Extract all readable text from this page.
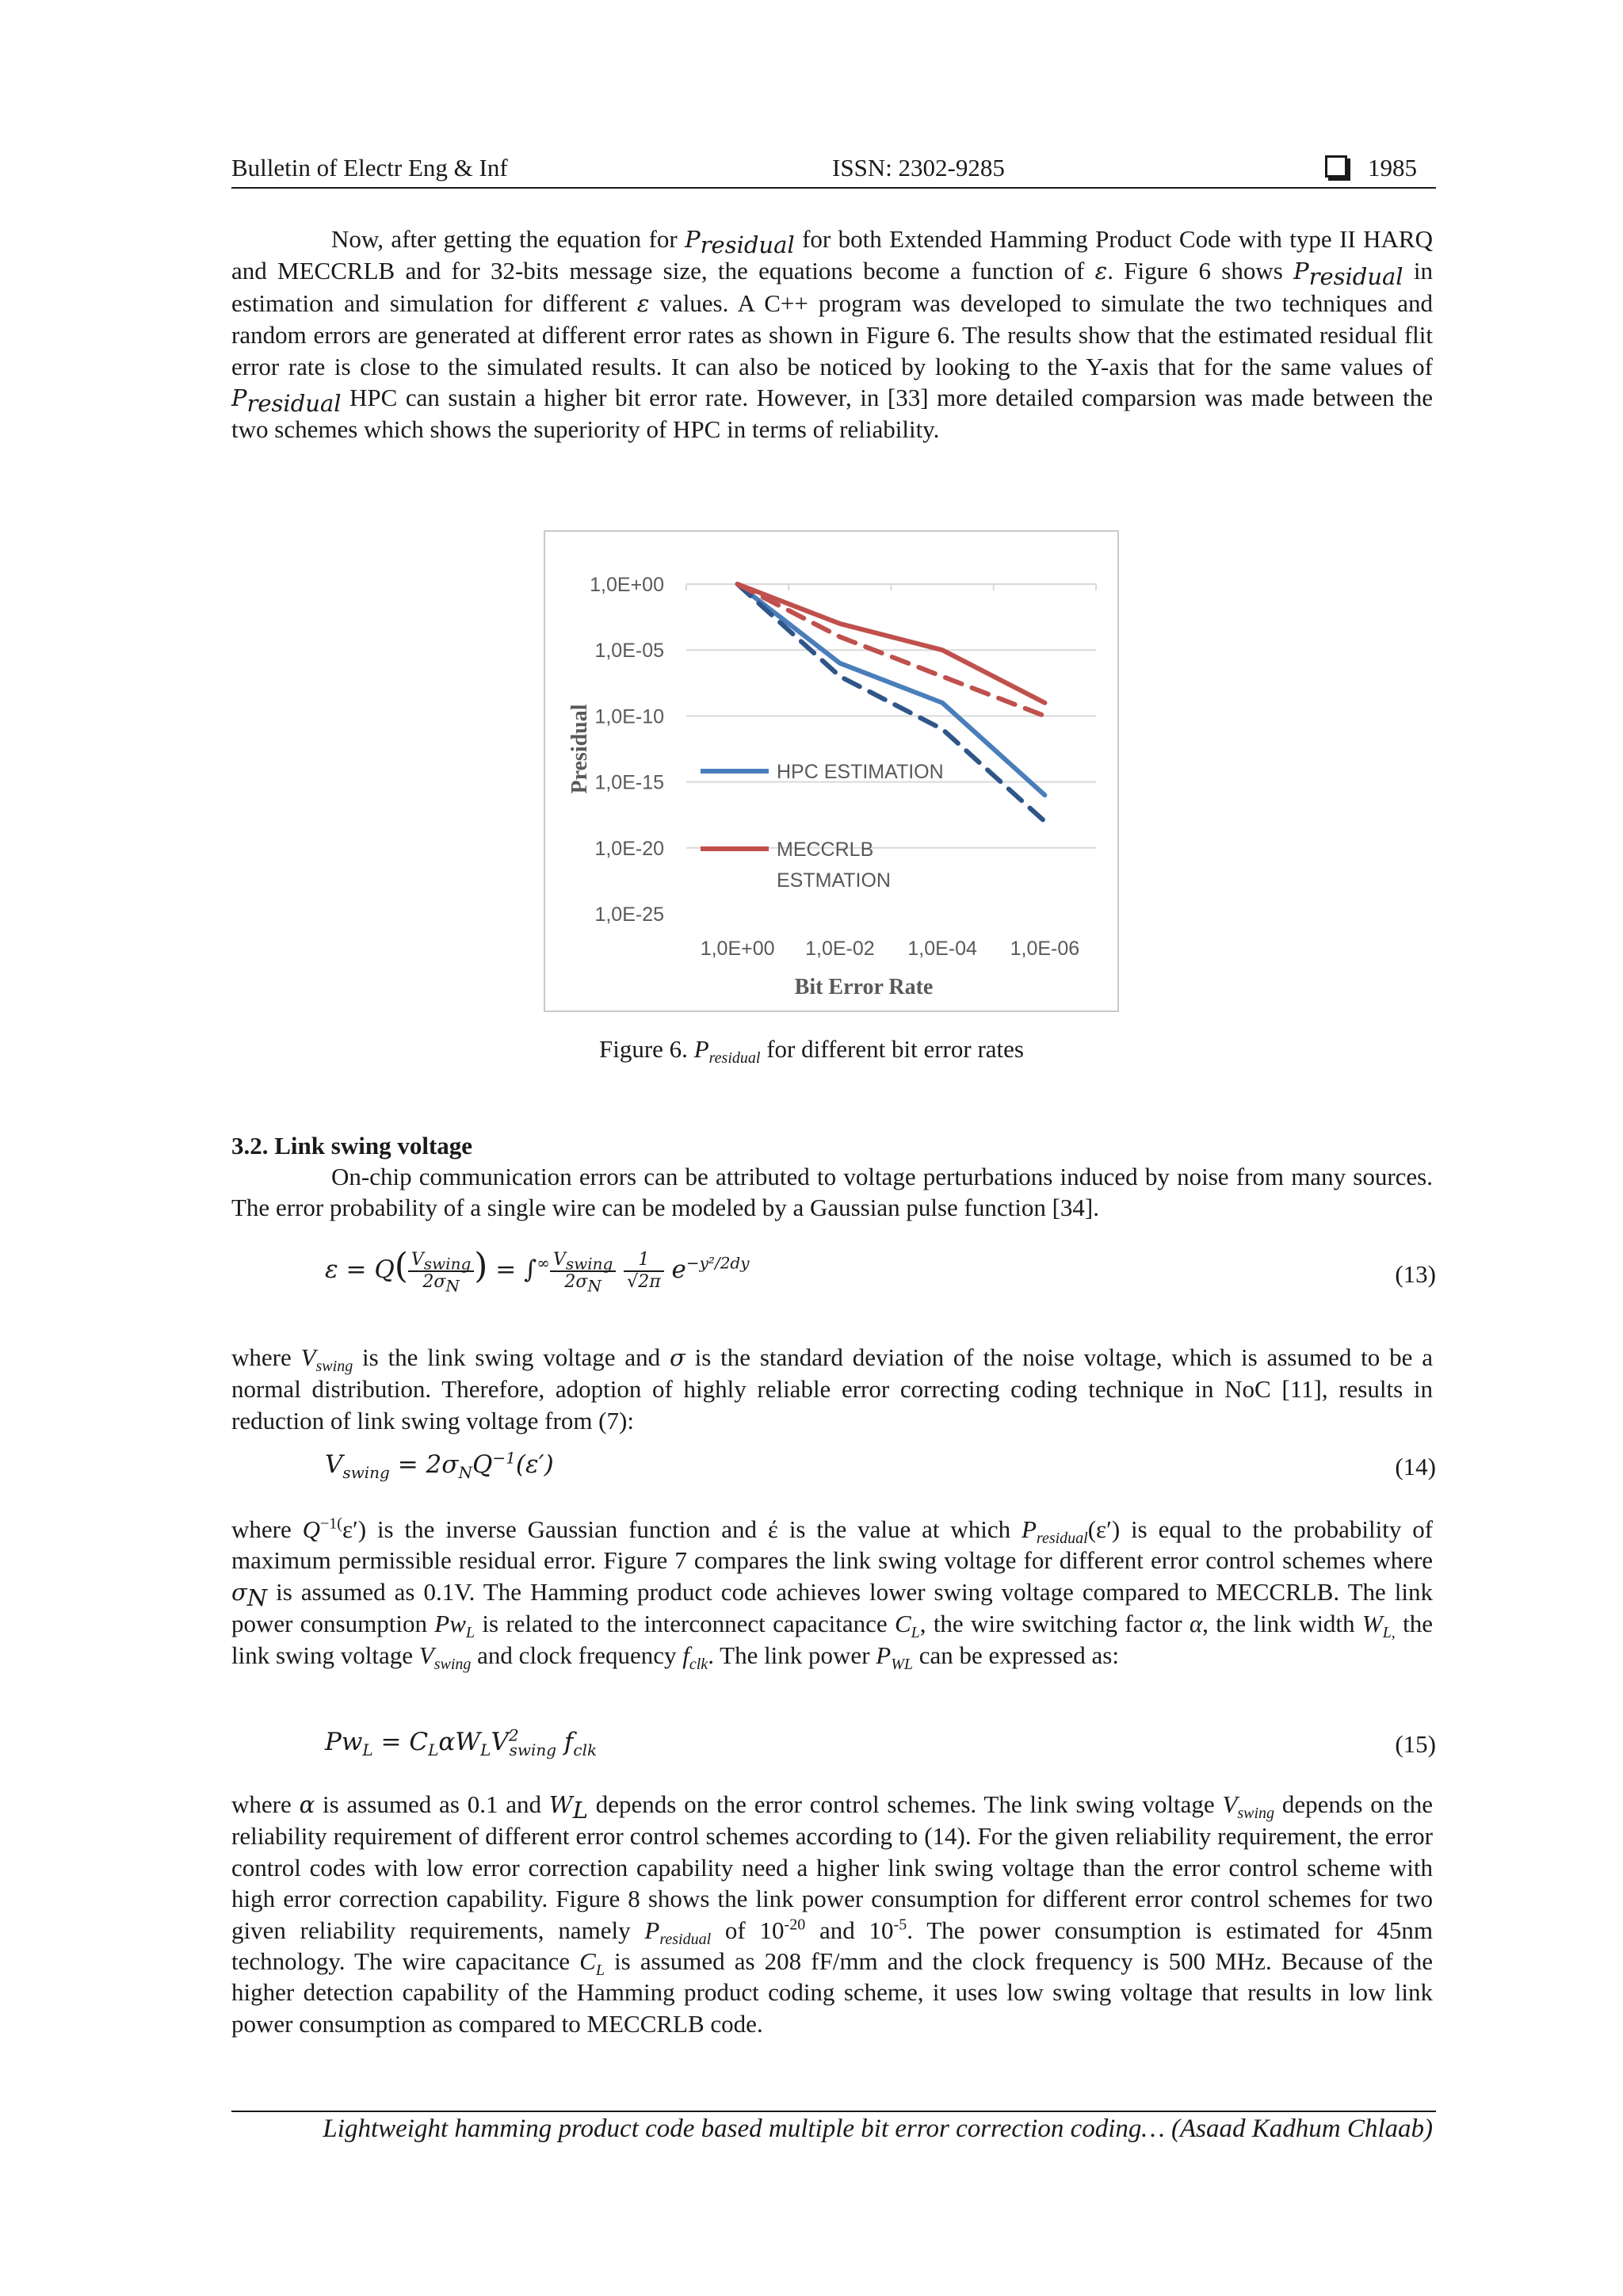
Bulletin of Electr Eng & Inf	ISSN: 2302-9285	1985

Now, after getting the equation for $P_{residual}$ for both Extended Hamming Product Code with type II HARQ and MECCRLB and for 32-bits message size, the equations become a function of ε. Figure 6 shows $P_{residual}$ in estimation and simulation for different ε values. A C++ program was developed to simulate the two techniques and random errors are generated at different error rates as shown in Figure 6. The results show that the estimated residual flit error rate is close to the simulated results. It can also be noticed by looking to the Y-axis that for the same values of $P_{residual}$ HPC can sustain a higher bit error rate. However, in [33] more detailed comparsion was made between the two schemes which shows the superiority of HPC in terms of reliability.

1,0E+00
1,0E-05
1,0E-10
1,0E-15
1,0E-20
1,0E-25
1,0E+00 1,0E-02 1,0E-04 1,0E-06
Bit Error Rate
Presidual	HPC ESTIMATION
MECCRLB
ESTMATION
Figure 6. $P_{residual}$ for different bit error rates
3.2. Link swing voltage

On-chip communication errors can be attributed to voltage perturbations induced by noise from many sources. The error probability of a single wire can be modeled by a Gaussian pulse function [34].

$\varepsilon = Q( \frac{V_{swing}}{2\sigma_N}$ ) = $\int^\infty \frac{V_{swing}}{2\sigma_N}$
$\frac{1}{√2\pi} e^{-y^2/2dy}$	(13)

where $V_{swing}$ is the link swing voltage and σ is the standard deviation of the noise voltage, which is assumed to be a normal distribution. Therefore, adoption of highly reliable error correcting coding technique in NoC [11], results in reduction of link swing voltage from (7):

$V_{swing} = 2\sigma_NQ^{-1}(\varepsilon')$	(14)

where $Q^{-1(}\varepsilon'$) is the inverse Gaussian function and έ is the value at which $P_{residual}(\varepsilon')$ is equal to the probability of maximum permissible residual error. Figure 7 compares the link swing voltage for different error control schemes where $\sigma_N$ is assumed as 0.1V. The Hamming product code achieves lower swing voltage compared to MECCRLB. The link power consumption $Pw_L$ is related to the interconnect capacitance $C_L$, the wire switching factor α, the link width $W_{L,}$ the link swing voltage $V_{swing}$ and clock frequency $f_{clk}$. The link power $P_{WL}$ can be expressed as:

$Pw_L = C_L\alpha W_LV^2_{swing}$ $f_{clk}$	(15)

where α is assumed as 0.1 and $W_L$ depends on the error control schemes. The link swing voltage $V_{swing}$ depends on the reliability requirement of different error control schemes according to (14). For the given reliability requirement, the error control codes with low error correction capability need a higher link swing voltage than the error control scheme with high error correction capability. Figure 8 shows the link power consumption for different error control schemes for two given reliability requirements, namely $P_{residual}$ of $10^{-20}$ and $10^{-5}$. The power consumption is estimated for 45nm technology. The wire capacitance $C_L$ is assumed as 208 fF/mm and the clock frequency is 500 MHz. Because of the higher detection capability of the Hamming product coding scheme, it uses low swing voltage that results in low link power consumption as compared to MECCRLB code.

Lightweight hamming product code based multiple bit error correction coding… (Asaad Kadhum Chlaab)
